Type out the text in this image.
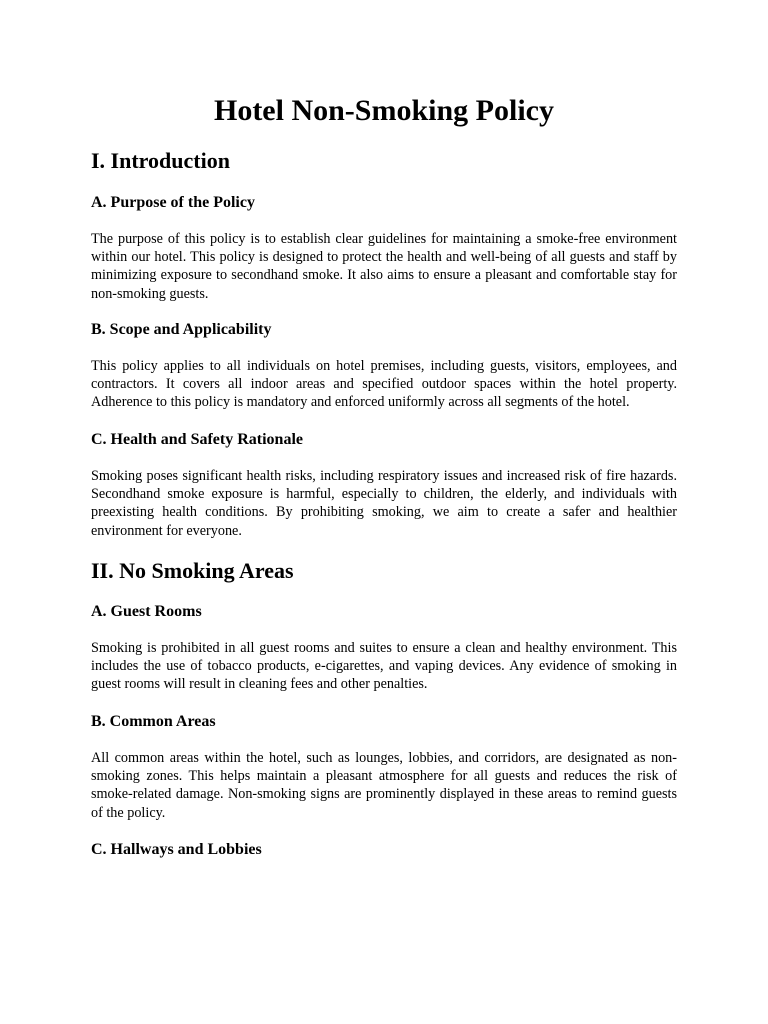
Hotel Non-Smoking Policy
I. Introduction
A. Purpose of the Policy

The purpose of this policy is to establish clear guidelines for maintaining a smoke-free environment within our hotel. This policy is designed to protect the health and well-being of all guests and staff by minimizing exposure to secondhand smoke. It also aims to ensure a pleasant and comfortable stay for non-smoking guests.

B. Scope and Applicability

This policy applies to all individuals on hotel premises, including guests, visitors, employees, and contractors. It covers all indoor areas and specified outdoor spaces within the hotel property. Adherence to this policy is mandatory and enforced uniformly across all segments of the hotel.

C. Health and Safety Rationale

Smoking poses significant health risks, including respiratory issues and increased risk of fire hazards. Secondhand smoke exposure is harmful, especially to children, the elderly, and individuals with preexisting health conditions. By prohibiting smoking, we aim to create a safer and healthier environment for everyone.

II. No Smoking Areas
A. Guest Rooms

Smoking is prohibited in all guest rooms and suites to ensure a clean and healthy environment. This includes the use of tobacco products, e-cigarettes, and vaping devices. Any evidence of smoking in guest rooms will result in cleaning fees and other penalties.

B. Common Areas

All common areas within the hotel, such as lounges, lobbies, and corridors, are designated as non-smoking zones. This helps maintain a pleasant atmosphere for all guests and reduces the risk of smoke-related damage. Non-smoking signs are prominently displayed in these areas to remind guests of the policy.

C. Hallways and Lobbies
